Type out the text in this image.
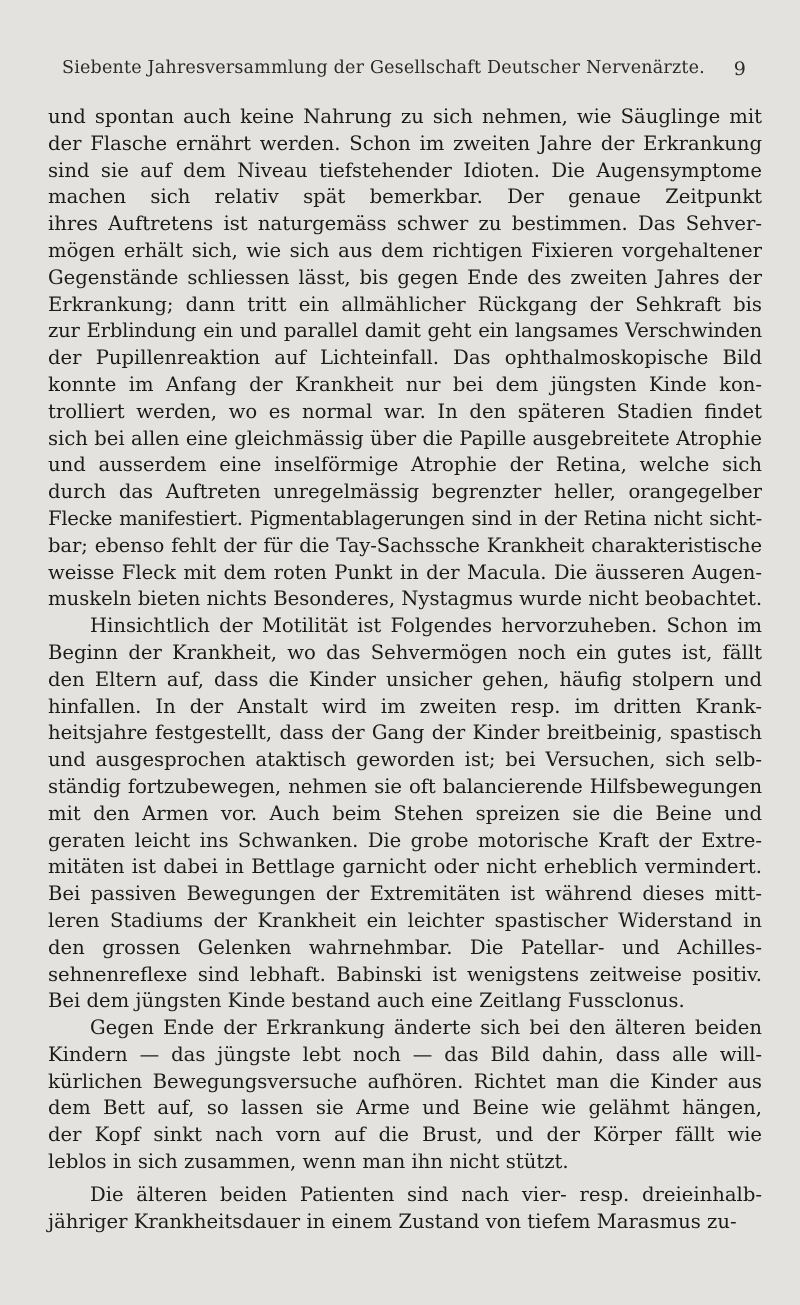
Siebente Jahresversammlung der Gesellschaft Deutscher Nervenärzte. 9
und spontan auch keine Nahrung zu sich nehmen, wie Säuglinge mit
der Flasche ernährt werden. Schon im zweiten Jahre der Erkrankung
sind sie auf dem Niveau tiefstehender Idioten. Die Augensymptome
machen sich relativ spät bemerkbar. Der genaue Zeitpunkt
ihres Auftretens ist naturgemäss schwer zu bestimmen. Das Sehver-
mögen erhält sich, wie sich aus dem richtigen Fixieren vorgehaltener
Gegenstände schliessen lässt, bis gegen Ende des zweiten Jahres der
Erkrankung; dann tritt ein allmählicher Rückgang der Sehkraft bis
zur Erblindung ein und parallel damit geht ein langsames Verschwinden
der Pupillenreaktion auf Lichteinfall. Das ophthalmoskopische Bild
konnte im Anfang der Krankheit nur bei dem jüngsten Kinde kon-
trolliert werden, wo es normal war. In den späteren Stadien findet
sich bei allen eine gleichmässig über die Papille ausgebreitete Atrophie
und ausserdem eine inselförmige Atrophie der Retina, welche sich
durch das Auftreten unregelmässig begrenzter heller, orangegelber
Flecke manifestiert. Pigmentablagerungen sind in der Retina nicht sicht-
bar; ebenso fehlt der für die Tay-Sachssche Krankheit charakteristische
weisse Fleck mit dem roten Punkt in der Macula. Die äusseren Augen-
muskeln bieten nichts Besonderes, Nystagmus wurde nicht beobachtet.
Hinsichtlich der Motilität ist Folgendes hervorzuheben. Schon im
Beginn der Krankheit, wo das Sehvermögen noch ein gutes ist, fällt
den Eltern auf, dass die Kinder unsicher gehen, häufig stolpern und
hinfallen. In der Anstalt wird im zweiten resp. im dritten Krank-
heitsjahre festgestellt, dass der Gang der Kinder breitbeinig, spastisch
und ausgesprochen ataktisch geworden ist; bei Versuchen, sich selb-
ständig fortzubewegen, nehmen sie oft balancierende Hilfsbewegungen
mit den Armen vor. Auch beim Stehen spreizen sie die Beine und
geraten leicht ins Schwanken. Die grobe motorische Kraft der Extre-
mitäten ist dabei in Bettlage garnicht oder nicht erheblich vermindert.
Bei passiven Bewegungen der Extremitäten ist während dieses mitt-
leren Stadiums der Krankheit ein leichter spastischer Widerstand in
den grossen Gelenken wahrnehmbar. Die Patellar- und Achilles-
sehnenreflexe sind lebhaft. Babinski ist wenigstens zeitweise positiv.
Bei dem jüngsten Kinde bestand auch eine Zeitlang Fussclonus.
Gegen Ende der Erkrankung änderte sich bei den älteren beiden
Kindern — das jüngste lebt noch — das Bild dahin, dass alle will-
kürlichen Bewegungsversuche aufhören. Richtet man die Kinder aus
dem Bett auf, so lassen sie Arme und Beine wie gelähmt hängen,
der Kopf sinkt nach vorn auf die Brust, und der Körper fällt wie
leblos in sich zusammen, wenn man ihn nicht stützt.
Die älteren beiden Patienten sind nach vier- resp. dreieinhalb-
jähriger Krankheitsdauer in einem Zustand von tiefem Marasmus zu-
